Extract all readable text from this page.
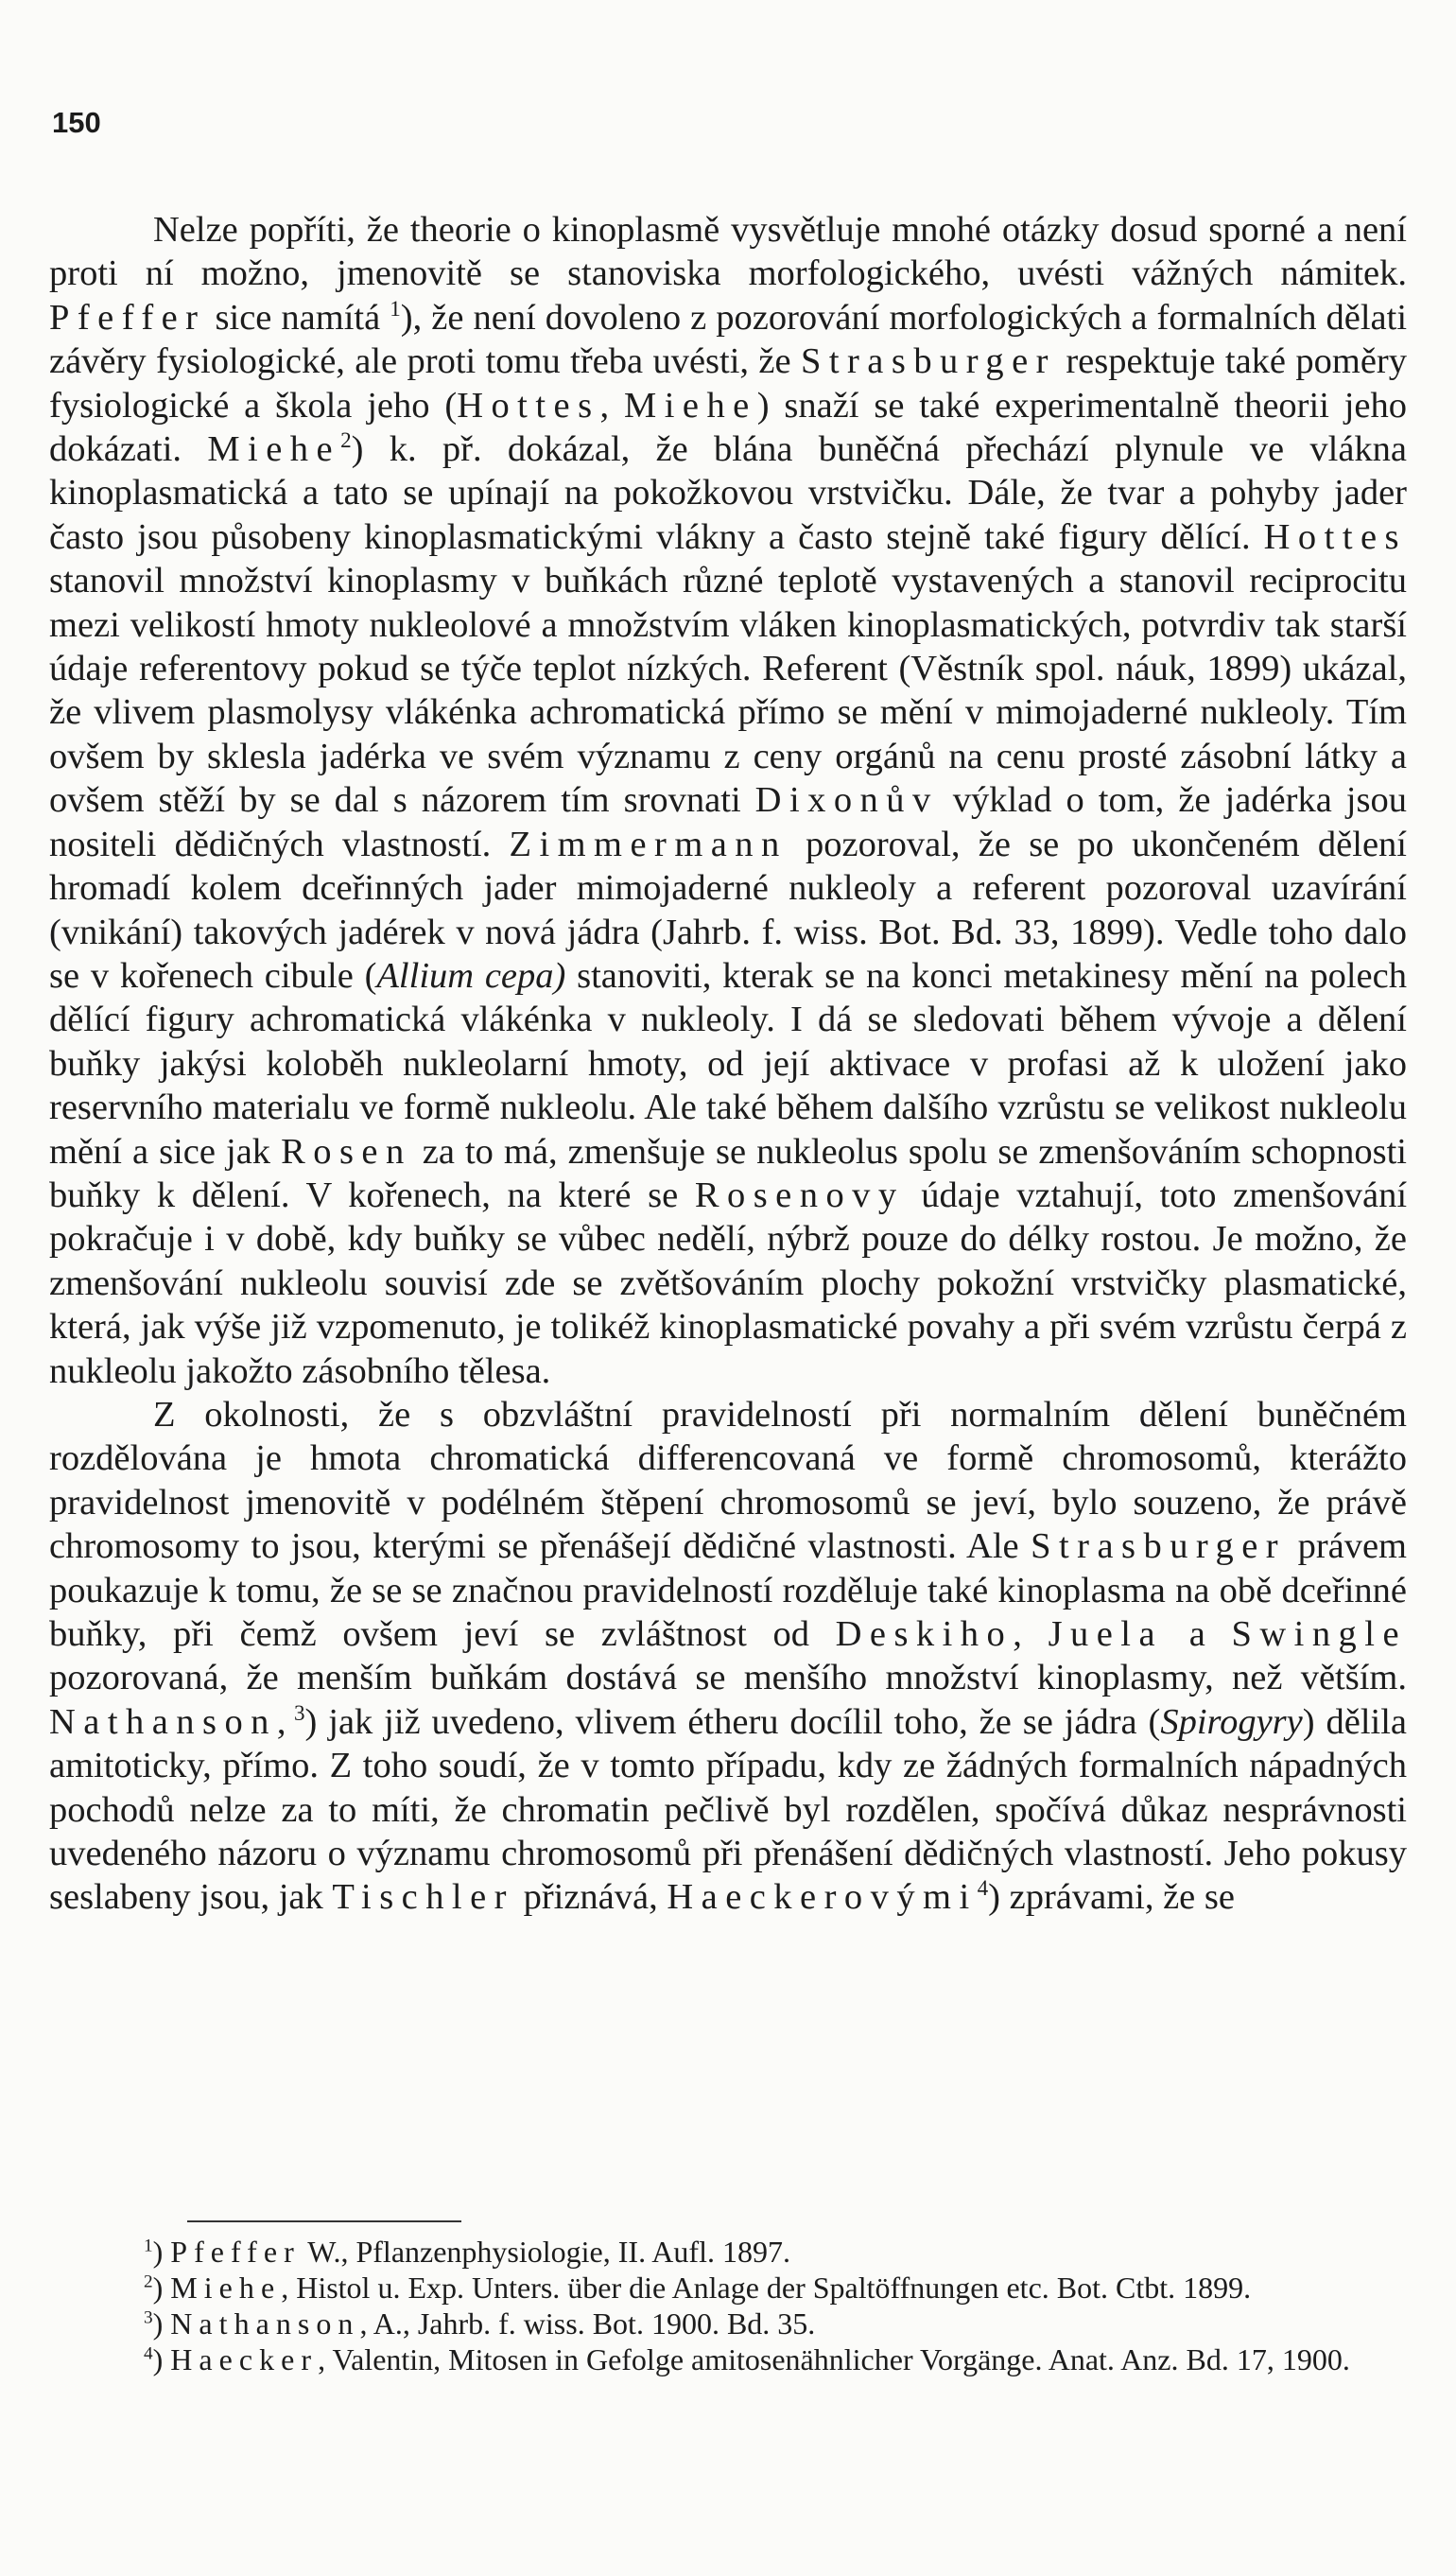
150

Nelze popříti, že theorie o kinoplasmě vysvětluje mnohé otázky dosud sporné a není proti ní možno, jmenovitě se stanoviska morfologického, uvésti vážných námitek. Pfeffer sice namítá $^1$), že není dovoleno z pozorování morfologických a formalních dělati závěry fysiologické, ale proti tomu třeba uvésti, že Strasburger respektuje také poměry fysiologické a škola jeho (Hottes, Miehe) snaží se také experimentalně theorii jeho dokázati. Miehe$^2$) k. př. dokázal, že blána buněčná přechází plynule ve vlákna kinoplasmatická a tato se upínají na pokožkovou vrstvičku. Dále, že tvar a pohyby jader často jsou působeny kinoplasmatickými vlákny a často stejně také figury dělící. Hottes stanovil množství kinoplasmy v buňkách různé teplotě vystavených a stanovil reciprocitu mezi velikostí hmoty nukleolové a množstvím vláken kinoplasmatických, potvrdiv tak starší údaje referentovy pokud se týče teplot nízkých. Referent (Věstník spol. náuk, 1899) ukázal, že vlivem plasmolysy vlákénka achromatická přímo se mění v mimojaderné nukleoly. Tím ovšem by sklesla jadérka ve svém významu z ceny orgánů na cenu prosté zásobní látky a ovšem stěží by se dal s názorem tím srovnati Dixonův výklad o tom, že jadérka jsou nositeli dědičných vlastností. Zimmermann pozoroval, že se po ukončeném dělení hromadí kolem dceřinných jader mimojaderné nukleoly a referent pozoroval uzavírání (vnikání) takových jadérek v nová jádra (Jahrb. f. wiss. Bot. Bd. 33, 1899). Vedle toho dalo se v kořenech cibule (Allium cepa) stanoviti, kterak se na konci metakinesy mění na polech dělící figury achromatická vlákénka v nukleoly. I dá se sledovati během vývoje a dělení buňky jakýsi koloběh nukleolarní hmoty, od její aktivace v profasi až k uložení jako reservního materialu ve formě nukleolu. Ale také během dalšího vzrůstu se velikost nukleolu mění a sice jak Rosen za to má, zmenšuje se nukleolus spolu se zmenšováním schopnosti buňky k dělení. V kořenech, na které se Rosenovy údaje vztahují, toto zmenšování pokračuje i v době, kdy buňky se vůbec nedělí, nýbrž pouze do délky rostou. Je možno, že zmenšování nukleolu souvisí zde se zvětšováním plochy pokožní vrstvičky plasmatické, která, jak výše již vzpomenuto, je tolikéž kinoplasmatické povahy a při svém vzrůstu čerpá z nukleolu jakožto zásobního tělesa.

Z okolnosti, že s obzvláštní pravidelností při normalním dělení buněčném rozdělována je hmota chromatická differencovaná ve formě chromosomů, kterážto pravidelnost jmenovitě v podélném štěpení chromosomů se jeví, bylo souzeno, že právě chromosomy to jsou, kterými se přenášejí dědičné vlastnosti. Ale Strasburger právem poukazuje k tomu, že se se značnou pravidelností rozděluje také kinoplasma na obě dceřinné buňky, při čemž ovšem jeví se zvláštnost od Deskiho, Juela a Swingle pozorovaná, že menším buňkám dostává se menšího množství kinoplasmy, než větším. Nathanson,$^3$) jak již uvedeno, vlivem étheru docílil toho, že se jádra (Spirogyry) dělila amitoticky, přímo. Z toho soudí, že v tomto případu, kdy ze žádných formalních nápadných pochodů nelze za to míti, že chromatin pečlivě byl rozdělen, spočívá důkaz nesprávnosti uvedeného názoru o významu chromosomů při přenášení dědičných vlastností. Jeho pokusy seslabeny jsou, jak Tischler přiznává, Haeckerovými$^4$) zprávami, že se

$^1$) Pfeffer W., Pflanzenphysiologie, II. Aufl. 1897.

$^2$) Miehe, Histol u. Exp. Unters. über die Anlage der Spaltöffnungen etc. Bot. Ctbt. 1899.

$^3$) Nathanson, A., Jahrb. f. wiss. Bot. 1900. Bd. 35.

$^4$) Haecker, Valentin, Mitosen in Gefolge amitosenähnlicher Vorgänge. Anat. Anz. Bd. 17, 1900.
